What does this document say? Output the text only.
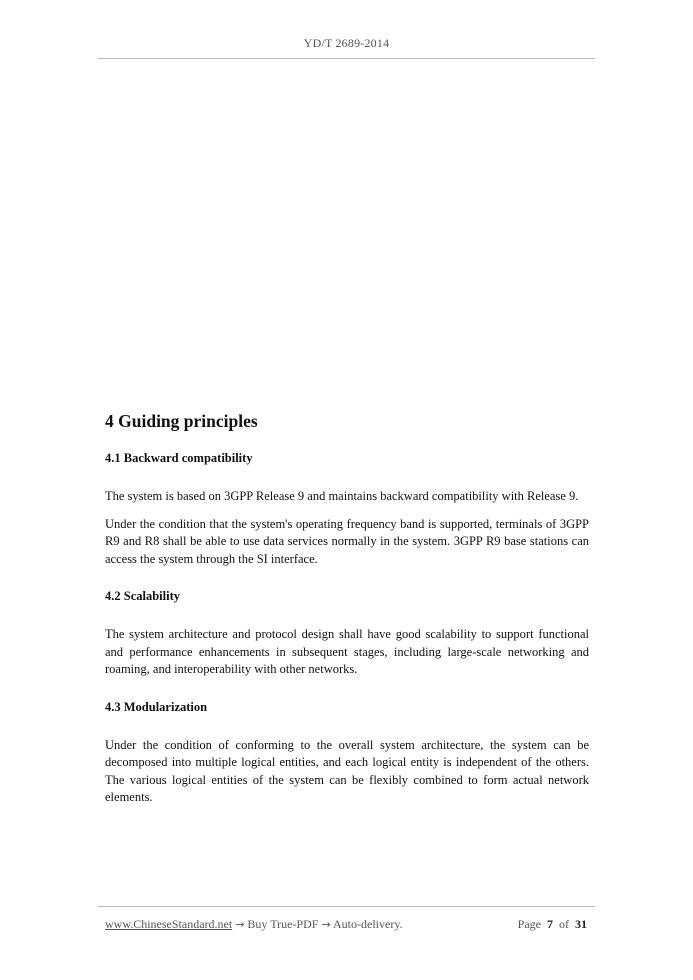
YD/T 2689-2014
4 Guiding principles
4.1 Backward compatibility

The system is based on 3GPP Release 9 and maintains backward compatibility with Release 9.

Under the condition that the system's operating frequency band is supported, terminals of 3GPP R9 and R8 shall be able to use data services normally in the system. 3GPP R9 base stations can access the system through the SI interface.

4.2 Scalability

The system architecture and protocol design shall have good scalability to support functional and performance enhancements in subsequent stages, including large-scale networking and roaming, and interoperability with other networks.

4.3 Modularization

Under the condition of conforming to the overall system architecture, the system can be decomposed into multiple logical entities, and each logical entity is independent of the others. The various logical entities of the system can be flexibly combined to form actual network elements.

www.ChineseStandard.net → Buy True-PDF → Auto-delivery.	Page 7 of 31
